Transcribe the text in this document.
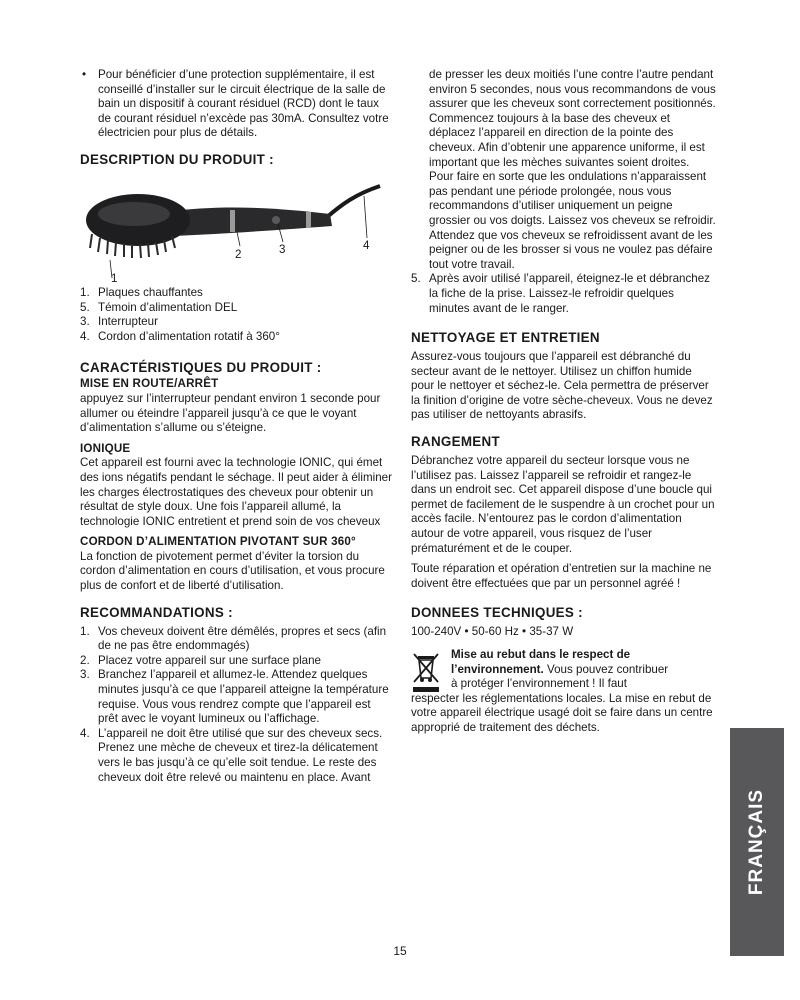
• Pour bénéficier d’une protection supplémentaire, il est conseillé d’installer sur le circuit électrique de la salle de bain un dispositif à courant résiduel (RCD) dont le taux de courant résiduel n’excède pas 30mA. Consultez votre électricien pour plus de détails.

DESCRIPTION DU PRODUIT :
1
2	3	4
1. Plaques chauffantes
5. Témoin d’alimentation DEL
3. Interrupteur
4. Cordon d’alimentation rotatif à 360°
CARACTÉRISTIQUES DU PRODUIT :
MISE EN ROUTE/ARRÊT

appuyez sur l’interrupteur pendant environ 1 seconde pour allumer ou éteindre l’appareil jusqu’à ce que le voyant d’alimentation s’allume ou s’éteigne.

IONIQUE

Cet appareil est fourni avec la technologie IONIC, qui émet des ions négatifs pendant le séchage. Il peut aider à éliminer les charges électrostatiques des cheveux pour obtenir un résultat de style doux. Une fois l’appareil allumé, la technologie IONIC entretient et prend soin de vos cheveux

CORDON D’ALIMENTATION PIVOTANT SUR 360°

La fonction de pivotement permet d’éviter la torsion du cordon d’alimentation en cours d’utilisation, et vous procure plus de confort et de liberté d’utilisation.

RECOMMANDATIONS :
1. Vos cheveux doivent être démêlés, propres et secs (afin de ne pas être endommagés)
2. Placez votre appareil sur une surface plane
3. Branchez l’appareil et allumez-le. Attendez quelques minutes jusqu’à ce que l’appareil atteigne la température requise. Vous vous rendrez compte que l’appareil est prêt avec le voyant lumineux ou l’affichage.
4. L’appareil ne doit être utilisé que sur des cheveux secs. Prenez une mèche de cheveux et tirez-la délicatement vers le bas jusqu’à ce qu’elle soit tendue. Le reste des cheveux doit être relevé ou maintenu en place. Avant

de presser les deux moitiés l’une contre l’autre pendant environ 5 secondes, nous vous recommandons de vous assurer que les cheveux sont correctement positionnés. Commencez toujours à la base des cheveux et déplacez l’appareil en direction de la pointe des cheveux. Afin d’obtenir une apparence uniforme, il est important que les mèches suivantes soient droites. Pour faire en sorte que les ondulations n’apparaissent pas pendant une période prolongée, nous vous recommandons d’utiliser uniquement un peigne grossier ou vos doigts. Laissez vos cheveux se refroidir. Attendez que vos cheveux se refroidissent avant de les peigner ou de les brosser si vous ne voulez pas défaire tout votre travail.

5. Après avoir utilisé l’appareil, éteignez-le et débranchez la fiche de la prise. Laissez-le refroidir quelques minutes avant de le ranger.

NETTOYAGE ET ENTRETIEN

Assurez-vous toujours que l’appareil est débranché du secteur avant de le nettoyer. Utilisez un chiffon humide pour le nettoyer et séchez-le. Cela permettra de préserver la finition d’origine de votre sèche-cheveux. Vous ne devez pas utiliser de nettoyants abrasifs.

RANGEMENT

Débranchez votre appareil du secteur lorsque vous ne l’utilisez pas. Laissez l’appareil se refroidir et rangez-le dans un endroit sec. Cet appareil dispose d’une boucle qui permet de facilement de le suspendre à un crochet pour un accès facile. N’entourez pas le cordon d’alimentation autour de votre appareil, vous risquez de l’user prématurément et de le couper.

Toute réparation et opération d’entretien sur la machine ne doivent être effectuées que par un personnel agréé !

DONNEES TECHNIQUES :

100-240V • 50-60 Hz • 35-37 W

Mise au rebut dans le respect de l’environnement. Vous pouvez contribuer

à protéger l’environnement ! Il faut

respecter les réglementations locales. La mise en rebut de votre appareil électrique usagé doit se faire dans un centre approprié de traitement des déchets.

FRANÇAIS
15
